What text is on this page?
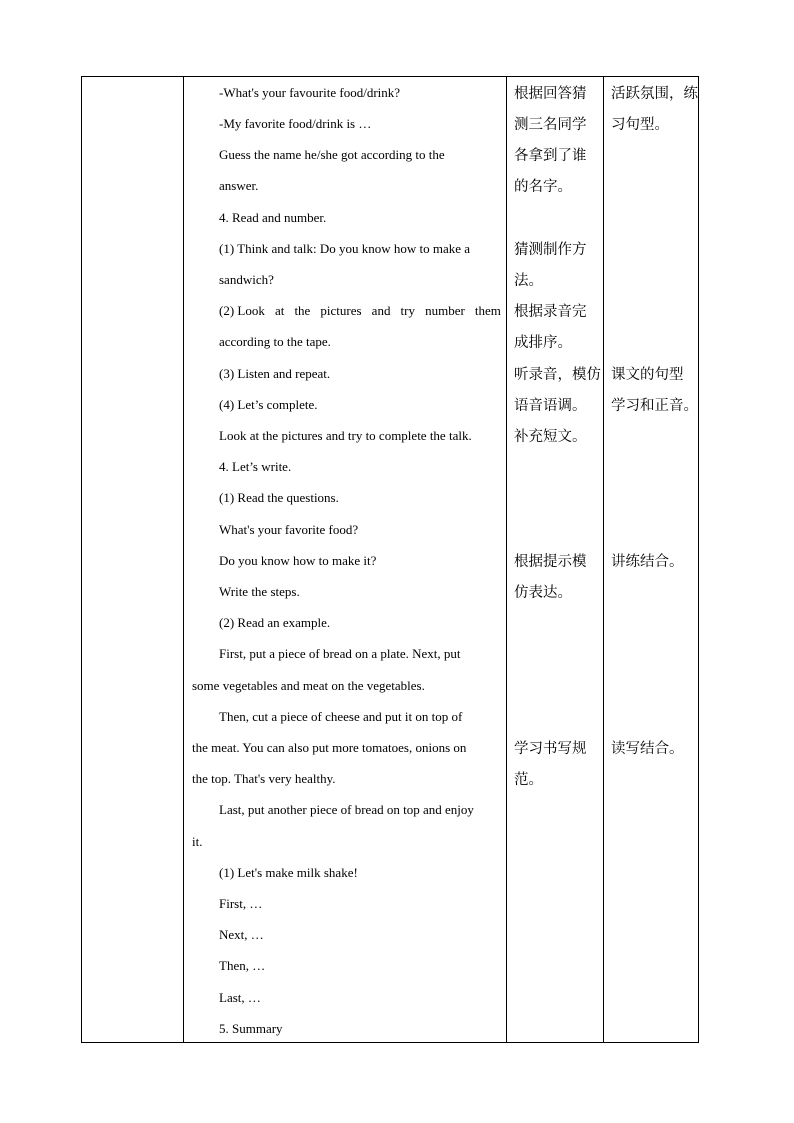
-What's your favourite food/drink?
-My favorite food/drink is …
Guess the name he/she got according to the
answer.
4. Read and number.
(1) Think and talk: Do you know how to make a
sandwich?
(2) Look at the pictures and try number them
according to the tape.
(3) Listen and repeat.
(4) Let’s complete.
Look at the pictures and try to complete the talk.
4. Let’s write.
(1) Read the questions.
What's your favorite food?
Do you know how to make it?
Write the steps.
(2) Read an example.
First, put a piece of bread on a plate. Next, put
some vegetables and meat on the vegetables.
Then, cut a piece of cheese and put it on top of
the meat. You can also put more tomatoes, onions on
the top. That's very healthy.
Last, put another piece of bread on top and enjoy
it.
(1) Let's make milk shake!
First, …
Next, …
Then, …
Last, …
5. Summary
根据回答猜
测三名同学
各拿到了谁
的名字。
猜测制作方
法。
根据录音完
成排序。
听录音，模仿
语音语调。
补充短文。
根据提示模
仿表达。
学习书写规
范。
活跃氛围，练
习句型。
课文的句型
学习和正音。
讲练结合。
读写结合。
